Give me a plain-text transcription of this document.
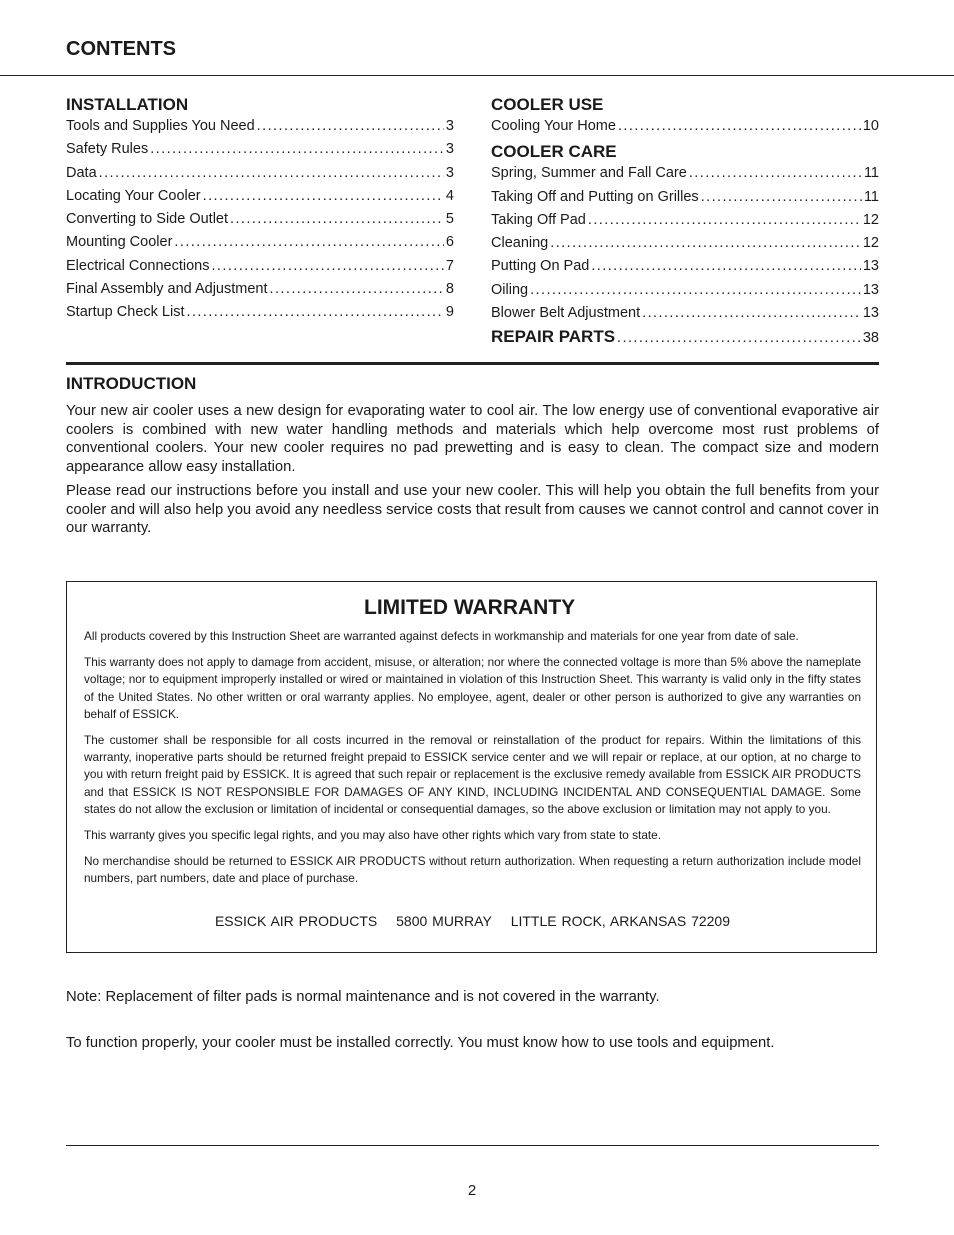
CONTENTS
INSTALLATION
Tools and Supplies You Need . . .	3
Safety Rules . . .	3
Data . . .	3
Locating Your Cooler . . .	4
Converting to Side Outlet . . .	5
Mounting Cooler . . .	6
Electrical Connections . . .	7
Final Assembly and Adjustment . . .	8
Startup Check List . . .	9
COOLER USE
Cooling Your Home . . .	10
COOLER CARE
Spring, Summer and Fall Care . . .	11
Taking Off and Putting on Grilles . . .	11
Taking Off Pad . . .	12
Cleaning . . .	12
Putting On Pad . . .	13
Oiling . . .	13
Blower Belt Adjustment . . .	13
REPAIR PARTS . . .	38
INTRODUCTION

Your new air cooler uses a new design for evaporating water to cool air. The low energy use of conventional evaporative air coolers is combined with new water handling methods and materials which help overcome most rust problems of conventional coolers. Your new cooler requires no pad prewetting and is easy to clean. The compact size and modern appearance allow easy installation.

Please read our instructions before you install and use your new cooler. This will help you obtain the full benefits from your cooler and will also help you avoid any needless service costs that result from causes we cannot control and cannot cover in our warranty.

LIMITED WARRANTY

All products covered by this Instruction Sheet are warranted against defects in workmanship and materials for one year from date of sale.

This warranty does not apply to damage from accident, misuse, or alteration; nor where the connected voltage is more than 5% above the nameplate voltage; nor to equipment improperly installed or wired or maintained in violation of this Instruction Sheet. This warranty is valid only in the fifty states of the United States. No other written or oral warranty applies. No employee, agent, dealer or other person is authorized to give any warranties on behalf of ESSICK.

The customer shall be responsible for all costs incurred in the removal or reinstallation of the product for repairs. Within the limitations of this warranty, inoperative parts should be returned freight prepaid to ESSICK service center and we will repair or replace, at our option, at no charge to you with return freight paid by ESSICK. It is agreed that such repair or replacement is the exclusive remedy available from ESSICK AIR PRODUCTS and that ESSICK IS NOT RESPONSIBLE FOR DAMAGES OF ANY KIND, INCLUDING INCIDENTAL AND CONSEQUENTIAL DAMAGE. Some states do not allow the exclusion or limitation of incidental or consequential damages, so the above exclusion or limitation may not apply to you.

This warranty gives you specific legal rights, and you may also have other rights which vary from state to state.

No merchandise should be returned to ESSICK AIR PRODUCTS without return authorization. When requesting a return authorization include model numbers, part numbers, date and place of purchase.

ESSICK AIR PRODUCTS 5800 MURRAY LITTLE ROCK, ARKANSAS 72209
Note: Replacement of filter pads is normal maintenance and is not covered in the warranty.
To function properly, your cooler must be installed correctly. You must know how to use tools and equipment.
2
